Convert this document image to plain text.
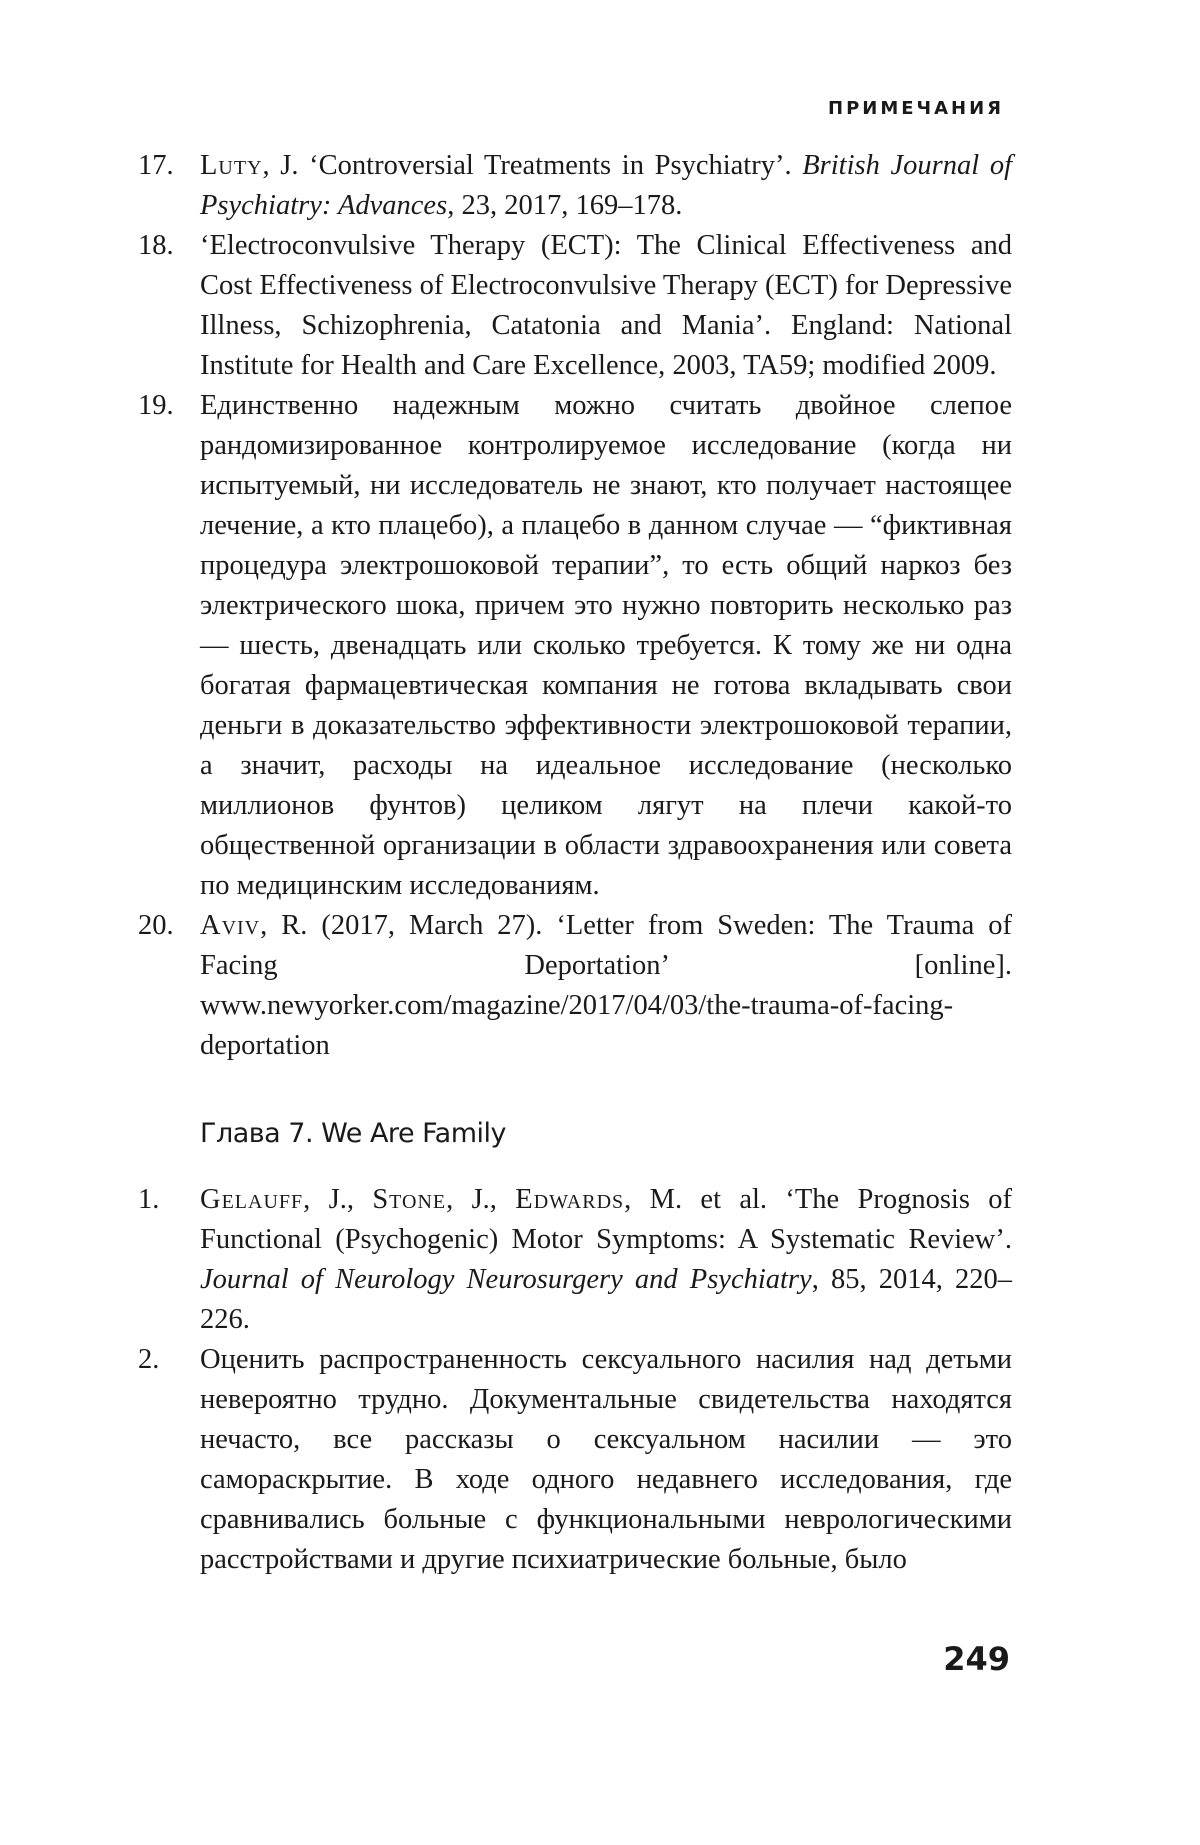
ПРИМЕЧАНИЯ
17. Luty, J. ‘Controversial Treatments in Psychiatry’. British Journal of Psychiatry: Advances, 23, 2017, 169–178.
18. ‘Electroconvulsive Therapy (ECT): The Clinical Effectiveness and Cost Effectiveness of Electroconvulsive Therapy (ECT) for Depressive Illness, Schizophrenia, Catatonia and Mania’. England: National Institute for Health and Care Excellence, 2003, TA59; modified 2009.
19. Единственно надежным можно считать двойное слепое рандомизированное контролируемое исследование (когда ни испытуемый, ни исследователь не знают, кто получает настоящее лечение, а кто плацебо), а плацебо в данном случае — “фиктивная процедура электрошоковой терапии”, то есть общий наркоз без электрического шока, причем это нужно повторить несколько раз — шесть, двенадцать или сколько требуется. К тому же ни одна богатая фармацевтическая компания не готова вкладывать свои деньги в доказательство эффективности электрошоковой терапии, а значит, расходы на идеальное исследование (несколько миллионов фунтов) целиком лягут на плечи какой-то общественной организации в области здравоохранения или совета по медицинским исследованиям.
20. Aviv, R. (2017, March 27). ‘Letter from Sweden: The Trauma of Facing Deportation’ [online]. www.newyorker.com/magazine/2017/04/03/the-trauma-of-facing-deportation
Глава 7. We Are Family
1. Gelauff, J., Stone, J., Edwards, M. et al. ‘The Prognosis of Functional (Psychogenic) Motor Symptoms: A Systematic Review’. Journal of Neurology Neurosurgery and Psychiatry, 85, 2014, 220–226.
2. Оценить распространенность сексуального насилия над детьми невероятно трудно. Документальные свидетельства находятся нечасто, все рассказы о сексуальном насилии — это самораскрытие. В ходе одного недавнего исследования, где сравнивались больные с функциональными неврологическими расстройствами и другие психиатрические больные, было
249
